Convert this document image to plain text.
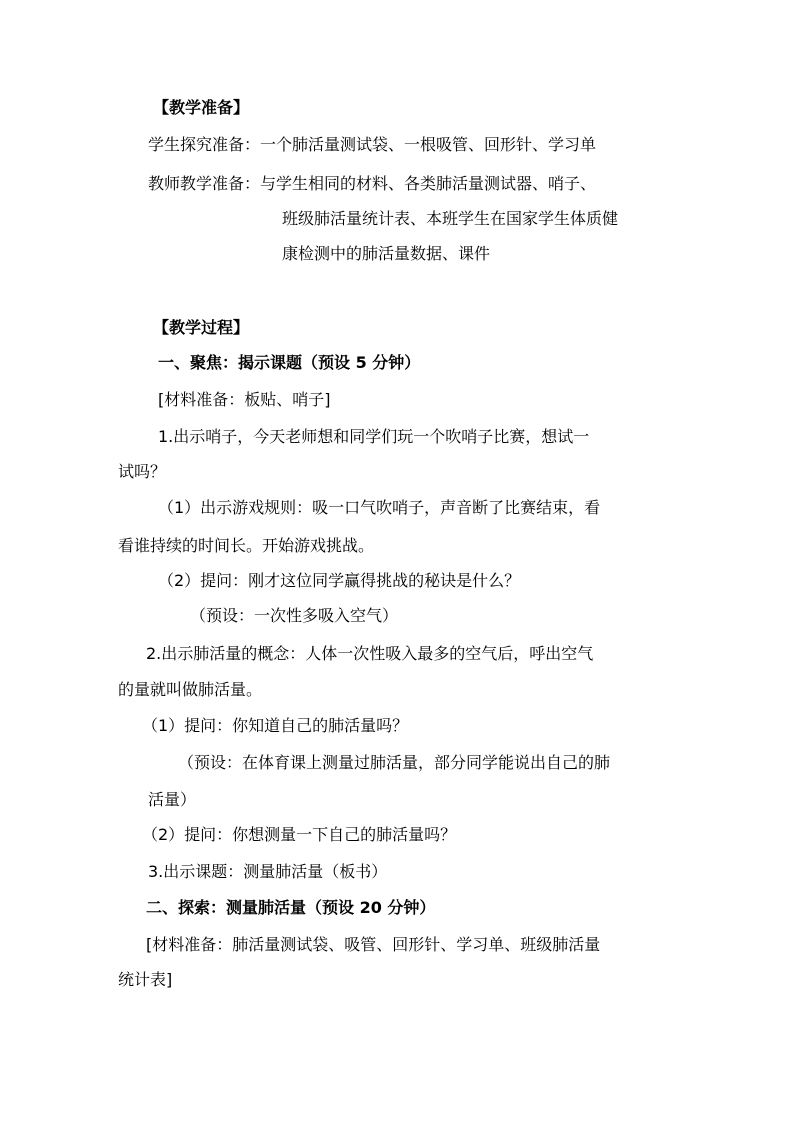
【教学准备】
学生探究准备：一个肺活量测试袋、一根吸管、回形针、学习单
教师教学准备：与学生相同的材料、各类肺活量测试器、哨子、
班级肺活量统计表、本班学生在国家学生体质健
康检测中的肺活量数据、课件
【教学过程】
一、聚焦：揭示课题（预设 5 分钟）
[材料准备：板贴、哨子]
1.出示哨子，今天老师想和同学们玩一个吹哨子比赛，想试一
试吗？
（1）出示游戏规则：吸一口气吹哨子，声音断了比赛结束，看
看谁持续的时间长。开始游戏挑战。
（2）提问：刚才这位同学赢得挑战的秘诀是什么？
（预设：一次性多吸入空气）
2.出示肺活量的概念：人体一次性吸入最多的空气后，呼出空气
的量就叫做肺活量。
（1）提问：你知道自己的肺活量吗？
（预设：在体育课上测量过肺活量，部分同学能说出自己的肺
活量）
（2）提问：你想测量一下自己的肺活量吗？
3.出示课题：测量肺活量（板书）
二、探索：测量肺活量（预设 20 分钟）
[材料准备：肺活量测试袋、吸管、回形针、学习单、班级肺活量
统计表]
